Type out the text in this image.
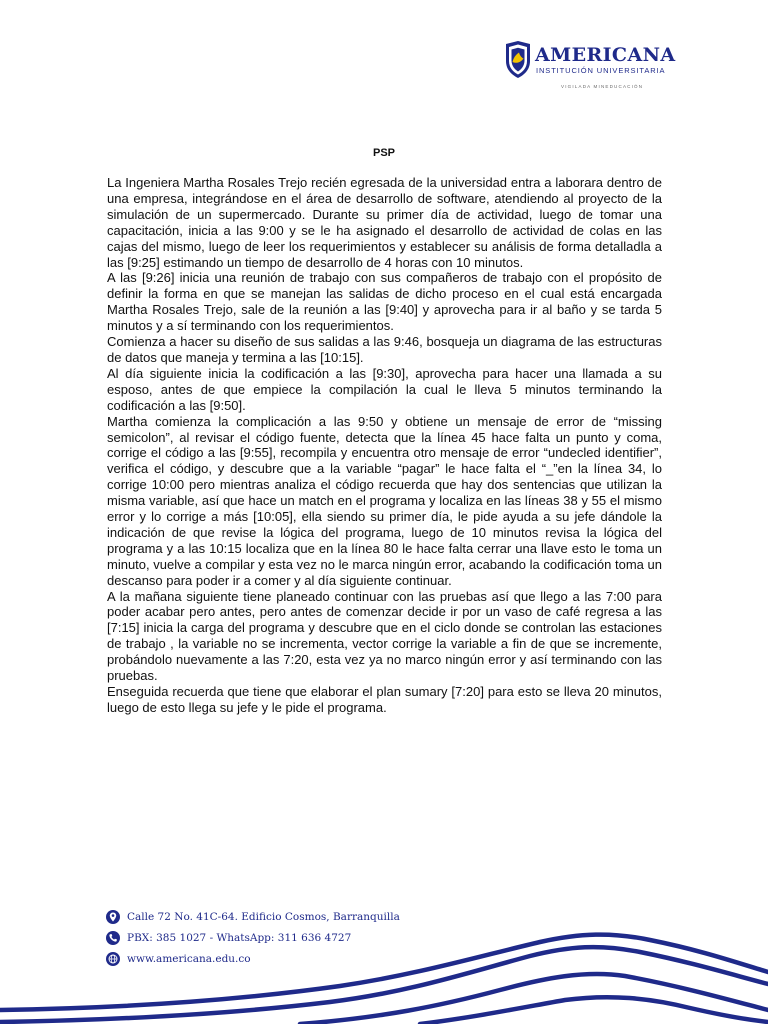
AMERICANA
INSTITUCIÓN UNIVERSITARIA
VIGILADA MINEDUCACIÓN
PSP

La Ingeniera Martha Rosales Trejo recién egresada de la universidad entra a laborara dentro de una empresa, integrándose en el área de desarrollo de software, atendiendo al proyecto de la simulación de un supermercado. Durante su primer día de actividad, luego de tomar una capacitación, inicia a las 9:00 y se le ha asignado el desarrollo de actividad de colas en las cajas del mismo, luego de leer los requerimientos y establecer su análisis de forma detalladla a las [9:25] estimando un tiempo de desarrollo de 4 horas con 10 minutos.

A las [9:26] inicia una reunión de trabajo con sus compañeros de trabajo con el propósito de definir la forma en que se manejan las salidas de dicho proceso en el cual está encargada Martha Rosales Trejo, sale de la reunión a las [9:40] y aprovecha para ir al baño y se tarda 5 minutos y a sí terminando con los requerimientos.

Comienza a hacer su diseño de sus salidas a las 9:46, bosqueja un diagrama de las estructuras de datos que maneja y termina a las [10:15].

Al día siguiente inicia la codificación a las [9:30], aprovecha para hacer una llamada a su esposo, antes de que empiece la compilación la cual le lleva 5 minutos terminando la codificación a las [9:50].

Martha comienza la complicación a las 9:50 y obtiene un mensaje de error de “missing semicolon”, al revisar el código fuente, detecta que la línea 45 hace falta un punto y coma, corrige el código a las [9:55], recompila y encuentra otro mensaje de error “undecled identifier”, verifica el código, y descubre que a la variable “pagar” le hace falta el “_”en la línea 34, lo corrige 10:00 pero mientras analiza el código recuerda que hay dos sentencias que utilizan la misma variable, así que hace un match en el programa y localiza en las líneas 38 y 55 el mismo error y lo corrige a más [10:05], ella siendo su primer día, le pide ayuda a su jefe dándole la indicación de que revise la lógica del programa, luego de 10 minutos revisa la lógica del programa y a las 10:15 localiza que en la línea 80 le hace falta cerrar una llave esto le toma un minuto, vuelve a compilar y esta vez no le marca ningún error, acabando la codificación toma un descanso para poder ir a comer y al día siguiente continuar.

A la mañana siguiente tiene planeado continuar con las pruebas así que llego a las 7:00 para poder acabar pero antes, pero antes de comenzar decide ir por un vaso de café regresa a las [7:15] inicia la carga del programa y descubre que en el ciclo donde se controlan las estaciones de trabajo , la variable no se incrementa, vector corrige la variable a fin de que se incremente, probándolo nuevamente a las 7:20, esta vez ya no marco ningún error y así terminando con las pruebas.

Enseguida recuerda que tiene que elaborar el plan sumary [7:20] para esto se lleva 20 minutos, luego de esto llega su jefe y le pide el programa.

Calle 72 No. 41C-64. Edificio Cosmos, Barranquilla
PBX: 385 1027 - WhatsApp: 311 636 4727
www.americana.edu.co
